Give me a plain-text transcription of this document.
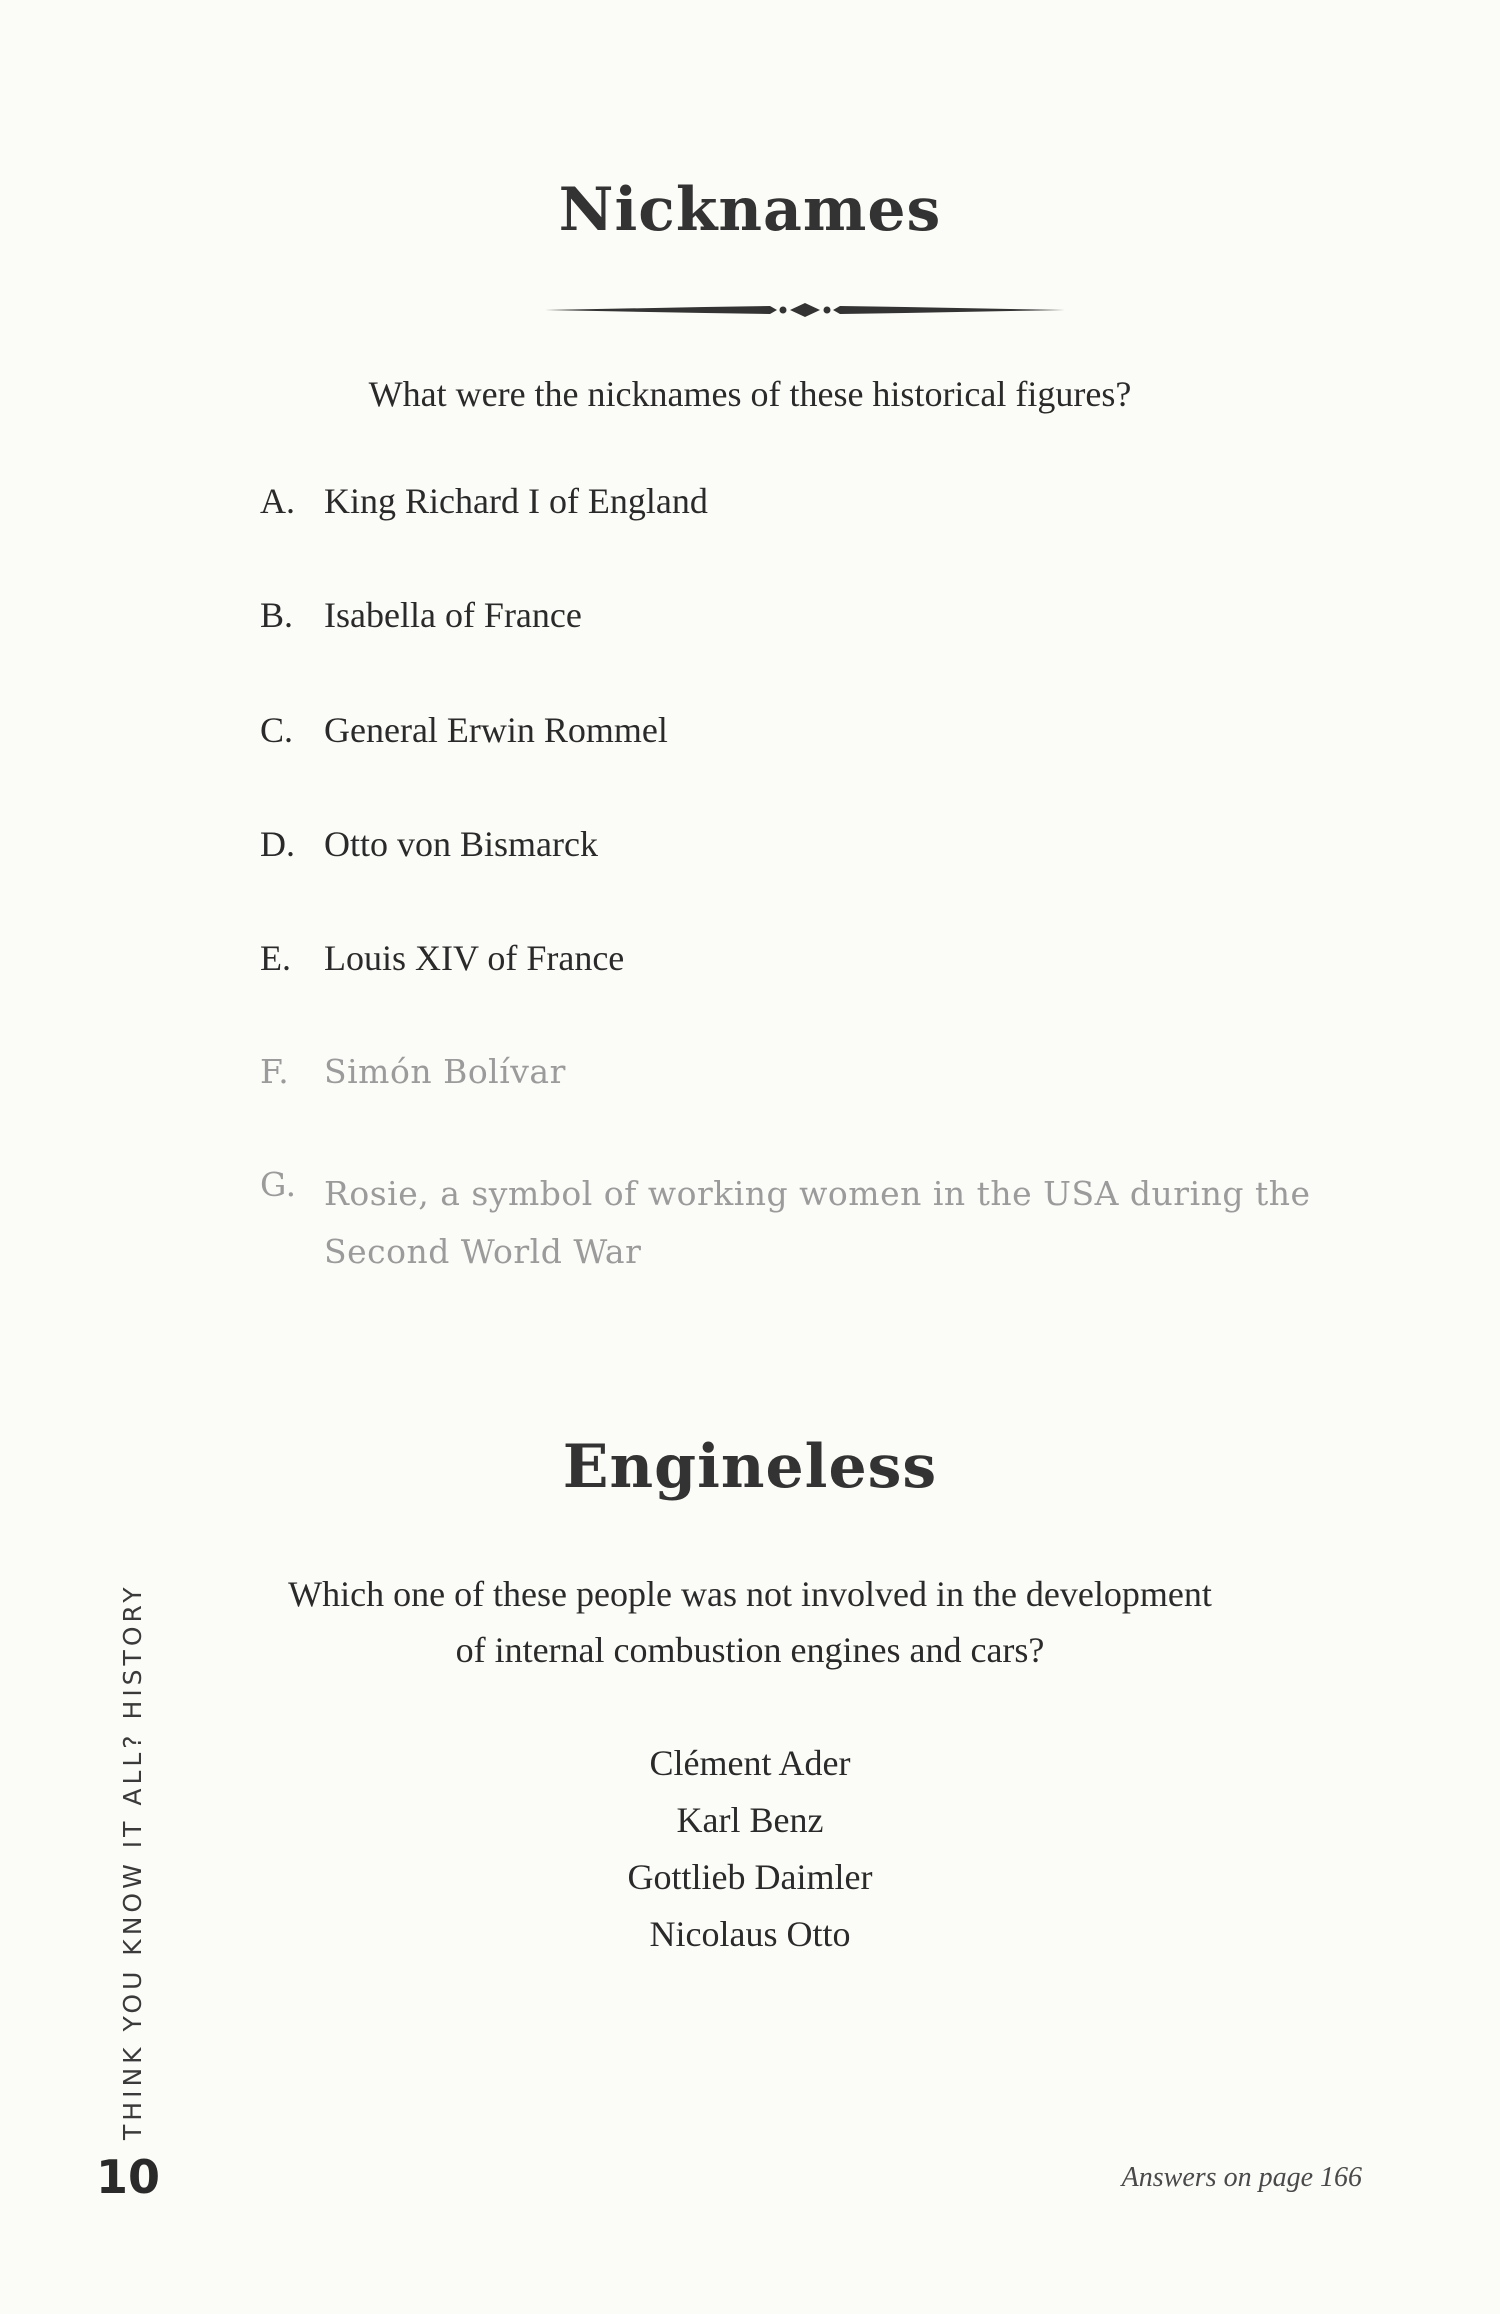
Nicknames
What were the nicknames of these historical figures?
A. King Richard I of England
B. Isabella of France
C. General Erwin Rommel
D. Otto von Bismarck
E. Louis XIV of France
F.	Simón Bolívar
G. Rosie, a symbol of working women in the USA during the Second World War
Engineless
Which one of these people was not involved in the development
of internal combustion engines and cars?
Clément Ader
Karl Benz
Gottlieb Daimler
Nicolaus Otto
THINK YOU KNOW IT ALL? HISTORY
10	Answers on page 166
